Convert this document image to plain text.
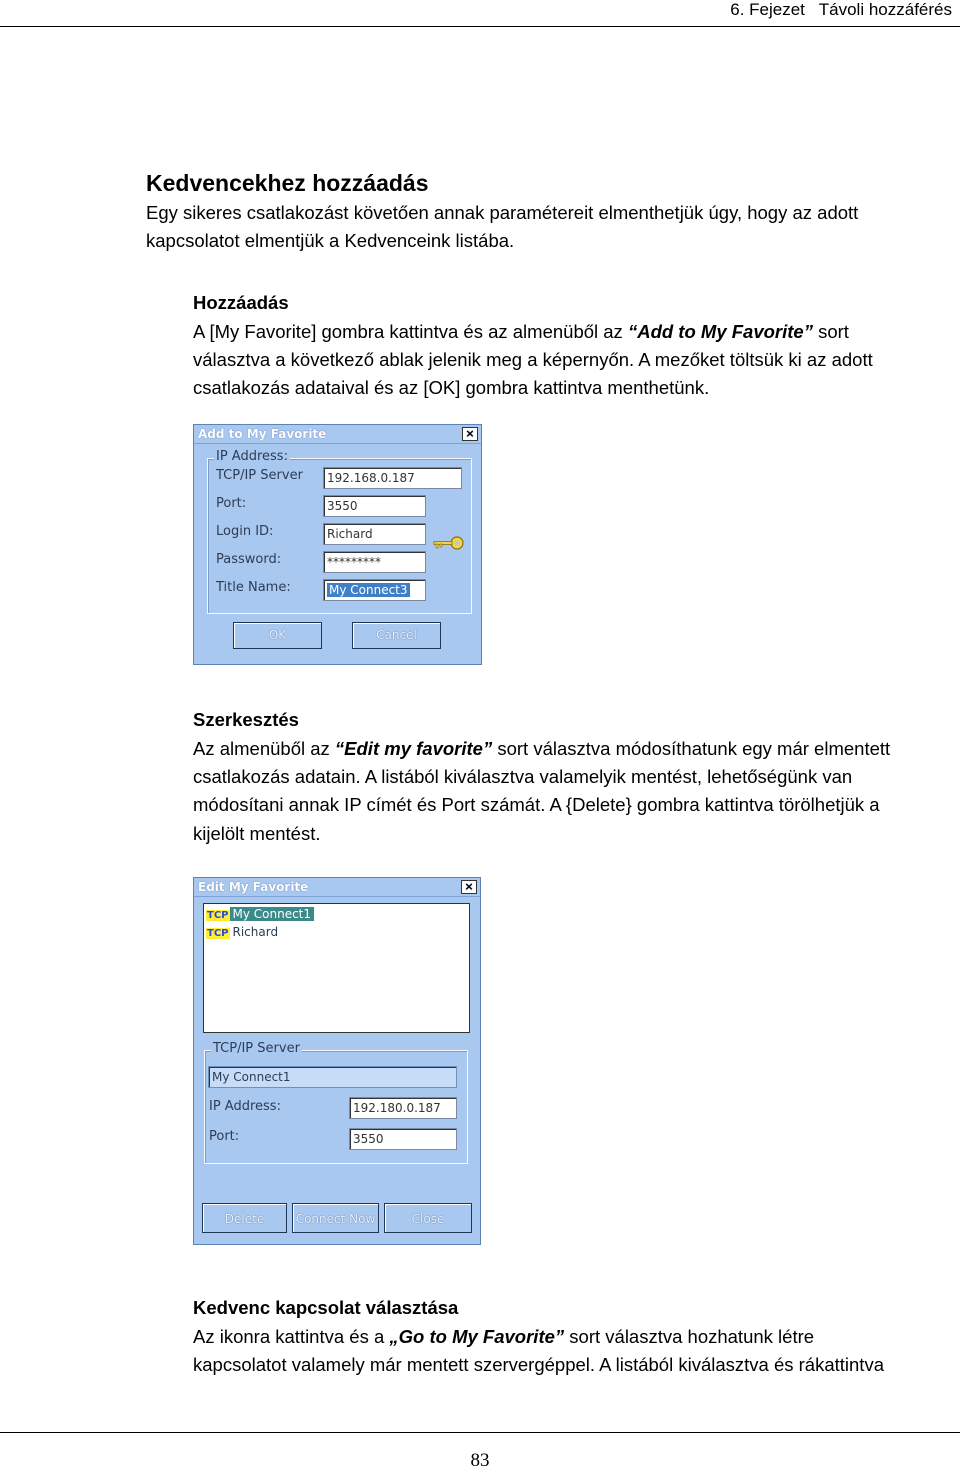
6. Fejezet Távoli hozzáférés
Kedvencekhez hozzáadás
Egy sikeres csatlakozást követően annak paramétereit elmenthetjük úgy, hogy az adott
kapcsolatot elmentjük a Kedvenceink listába.
Hozzáadás
A [My Favorite] gombra kattintva és az almenüből az “Add to My Favorite” sort
választva a következő ablak jelenik meg a képernyőn. A mezőket töltsük ki az adott
csatlakozás adataival és az [OK] gombra kattintva menthetünk.
Add to My Favorite	×
IP Address:
TCP/IP Server	192.168.0.187
Port:	3550
Login ID:	Richard
Password:	*********
Title Name:	My Connect3
OK	Cancel
Szerkesztés
Az almenüből az “Edit my favorite” sort választva módosíthatunk egy már elmentett
csatlakozás adatain. A listából kiválasztva valamelyik mentést, lehetőségünk van
módosítani annak IP címét és Port számát. A {Delete} gombra kattintva törölhetjük a
kijelölt mentést.
Edit My Favorite	×
TCP My Connect1
TCP Richard
TCP/IP Server
My Connect1
IP Address:	192.180.0.187
Port:	3550
Delete	Connect Now	Close
Kedvenc kapcsolat választása
Az ikonra kattintva és a „Go to My Favorite” sort választva hozhatunk létre
kapcsolatot valamely már mentett szervergéppel. A listából kiválasztva és rákattintva
83
